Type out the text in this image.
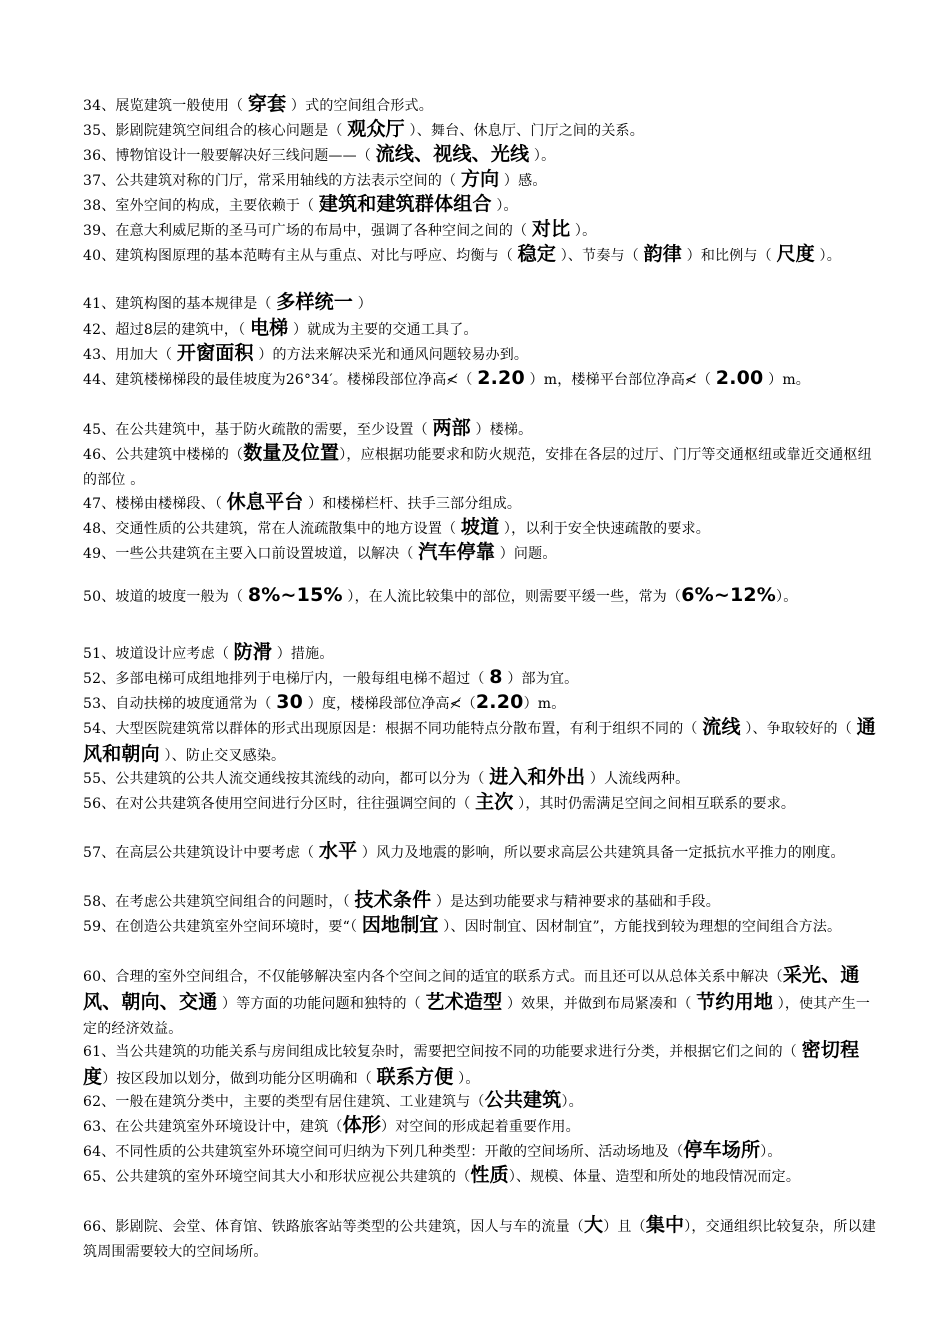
34、展览建筑一般使用（ 穿套 ）式的空间组合形式。
35、影剧院建筑空间组合的核心问题是（ 观众厅 ）、舞台、休息厅、门厅之间的关系。
36、博物馆设计一般要解决好三线问题——（ 流线、视线、光线 ）。
37、公共建筑对称的门厅，常采用轴线的方法表示空间的（ 方向 ）感。
38、室外空间的构成，主要依赖于（ 建筑和建筑群体组合 ）。
39、在意大利威尼斯的圣马可广场的布局中，强调了各种空间之间的（ 对比 ）。
40、建筑构图原理的基本范畴有主从与重点、对比与呼应、均衡与（ 稳定 ）、节奏与（ 韵律 ）和比例与（ 尺度 ）。
41、建筑构图的基本规律是（ 多样统一 ）
42、超过8层的建筑中，（ 电梯 ）就成为主要的交通工具了。
43、用加大（ 开窗面积 ）的方法来解决采光和通风问题较易办到。
44、建筑楼梯梯段的最佳坡度为26°34′。楼梯段部位净高≮（ 2.20 ）m，楼梯平台部位净高≮（ 2.00 ）m。
45、在公共建筑中，基于防火疏散的需要，至少设置（ 两部 ）楼梯。
46、公共建筑中楼梯的（数量及位置），应根据功能要求和防火规范，安排在各层的过厅、门厅等交通枢纽或靠近交通枢纽的部位 。
47、楼梯由楼梯段、（ 休息平台 ）和楼梯栏杆、扶手三部分组成。
48、交通性质的公共建筑，常在人流疏散集中的地方设置（ 坡道 ），以利于安全快速疏散的要求。
49、一些公共建筑在主要入口前设置坡道，以解决（ 汽车停靠 ）问题。
50、坡道的坡度一般为（ 8%~15% ），在人流比较集中的部位，则需要平缓一些，常为（6%~12%）。
51、坡道设计应考虑（ 防滑 ）措施。
52、多部电梯可成组地排列于电梯厅内，一般每组电梯不超过（ 8 ）部为宜。
53、自动扶梯的坡度通常为（ 30 ）度，楼梯段部位净高≮（2.20）m。
54、大型医院建筑常以群体的形式出现原因是：根据不同功能特点分散布置，有利于组织不同的（ 流线 ）、争取较好的（ 通风和朝向 ）、防止交叉感染。
55、公共建筑的公共人流交通线按其流线的动向，都可以分为（ 进入和外出 ）人流线两种。
56、在对公共建筑各使用空间进行分区时，往往强调空间的（ 主次 ），其时仍需满足空间之间相互联系的要求。
57、在高层公共建筑设计中要考虑（ 水平 ）风力及地震的影响，所以要求高层公共建筑具备一定抵抗水平推力的刚度。
58、在考虑公共建筑空间组合的问题时，（ 技术条件 ）是达到功能要求与精神要求的基础和手段。
59、在创造公共建筑室外空间环境时，要“（ 因地制宜 ）、因时制宜、因材制宜”，方能找到较为理想的空间组合方法。
60、合理的室外空间组合，不仅能够解决室内各个空间之间的适宜的联系方式。而且还可以从总体关系中解决（采光、通风、朝向、交通 ）等方面的功能问题和独特的（ 艺术造型 ）效果，并做到布局紧凑和（ 节约用地 ），使其产生一定的经济效益。
61、当公共建筑的功能关系与房间组成比较复杂时，需要把空间按不同的功能要求进行分类，并根据它们之间的（ 密切程度）按区段加以划分，做到功能分区明确和（ 联系方便 ）。
62、一般在建筑分类中，主要的类型有居住建筑、工业建筑与（公共建筑）。
63、在公共建筑室外环境设计中，建筑（体形）对空间的形成起着重要作用。
64、不同性质的公共建筑室外环境空间可归纳为下列几种类型：开敞的空间场所、活动场地及（停车场所）。
65、公共建筑的室外环境空间其大小和形状应视公共建筑的（性质）、规模、体量、造型和所处的地段情况而定。
66、影剧院、会堂、体育馆、铁路旅客站等类型的公共建筑，因人与车的流量（大）且（集中），交通组织比较复杂，所以建筑周围需要较大的空间场所。
